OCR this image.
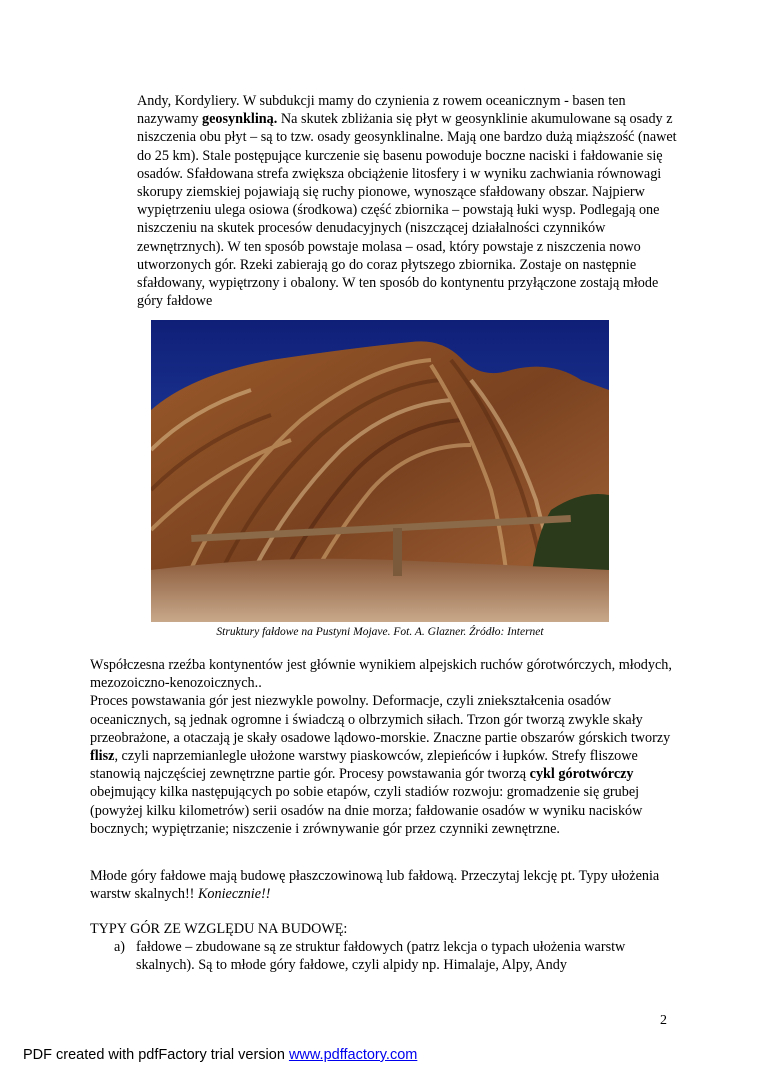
Andy, Kordyliery. W subdukcji mamy do czynienia z rowem oceanicznym - basen ten nazywamy geosynkliną. Na skutek zbliżania się płyt w geosynklinie akumulowane są osady z niszczenia obu płyt – są to tzw. osady geosynklinalne. Mają one bardzo dużą miąższość (nawet do 25 km). Stale postępujące kurczenie się basenu powoduje boczne naciski i fałdowanie się osadów. Sfałdowana strefa zwiększa obciążenie litosfery i w wyniku zachwiania równowagi skorupy ziemskiej pojawiają się ruchy pionowe, wynoszące sfałdowany obszar. Najpierw wypiętrzeniu ulega osiowa (środkowa) część zbiornika – powstają łuki wysp. Podlegają one niszczeniu na skutek procesów denudacyjnych (niszczącej działalności czynników zewnętrznych). W ten sposób powstaje molasa – osad, który powstaje z niszczenia nowo utworzonych gór. Rzeki zabierają go do coraz płytszego zbiornika. Zostaje on następnie sfałdowany, wypiętrzony i obalony. W ten sposób do kontynentu przyłączone zostają młode góry fałdowe

Struktury fałdowe na Pustyni Mojave. Fot. A. Glazner. Źródło: Internet

Współczesna rzeźba kontynentów jest głównie wynikiem alpejskich ruchów górotwórczych, młodych, mezozoiczno-kenozoicznych..
Proces powstawania gór jest niezwykle powolny. Deformacje, czyli zniekształcenia osadów oceanicznych, są jednak ogromne i świadczą o olbrzymich siłach. Trzon gór tworzą zwykle skały przeobrażone, a otaczają je skały osadowe lądowo-morskie. Znaczne partie obszarów górskich tworzy flisz, czyli naprzemianlegle ułożone warstwy piaskowców, zlepieńców i łupków. Strefy fliszowe stanowią najczęściej zewnętrzne partie gór. Procesy powstawania gór tworzą cykl górotwórczy obejmujący kilka następujących po sobie etapów, czyli stadiów rozwoju: gromadzenie się grubej (powyżej kilku kilometrów) serii osadów na dnie morza; fałdowanie osadów w wyniku nacisków bocznych; wypiętrzanie; niszczenie i zrównywanie gór przez czynniki zewnętrzne.

Młode góry fałdowe mają budowę płaszczowinową lub fałdową. Przeczytaj lekcję pt. Typy ułożenia warstw skalnych!! Koniecznie!!

TYPY GÓR ZE WZGLĘDU NA BUDOWĘ:

a) fałdowe – zbudowane są ze struktur fałdowych (patrz lekcja o typach ułożenia warstw skalnych). Są to młode góry fałdowe, czyli alpidy np. Himalaje, Alpy, Andy
2
PDF created with pdfFactory trial version www.pdffactory.com
